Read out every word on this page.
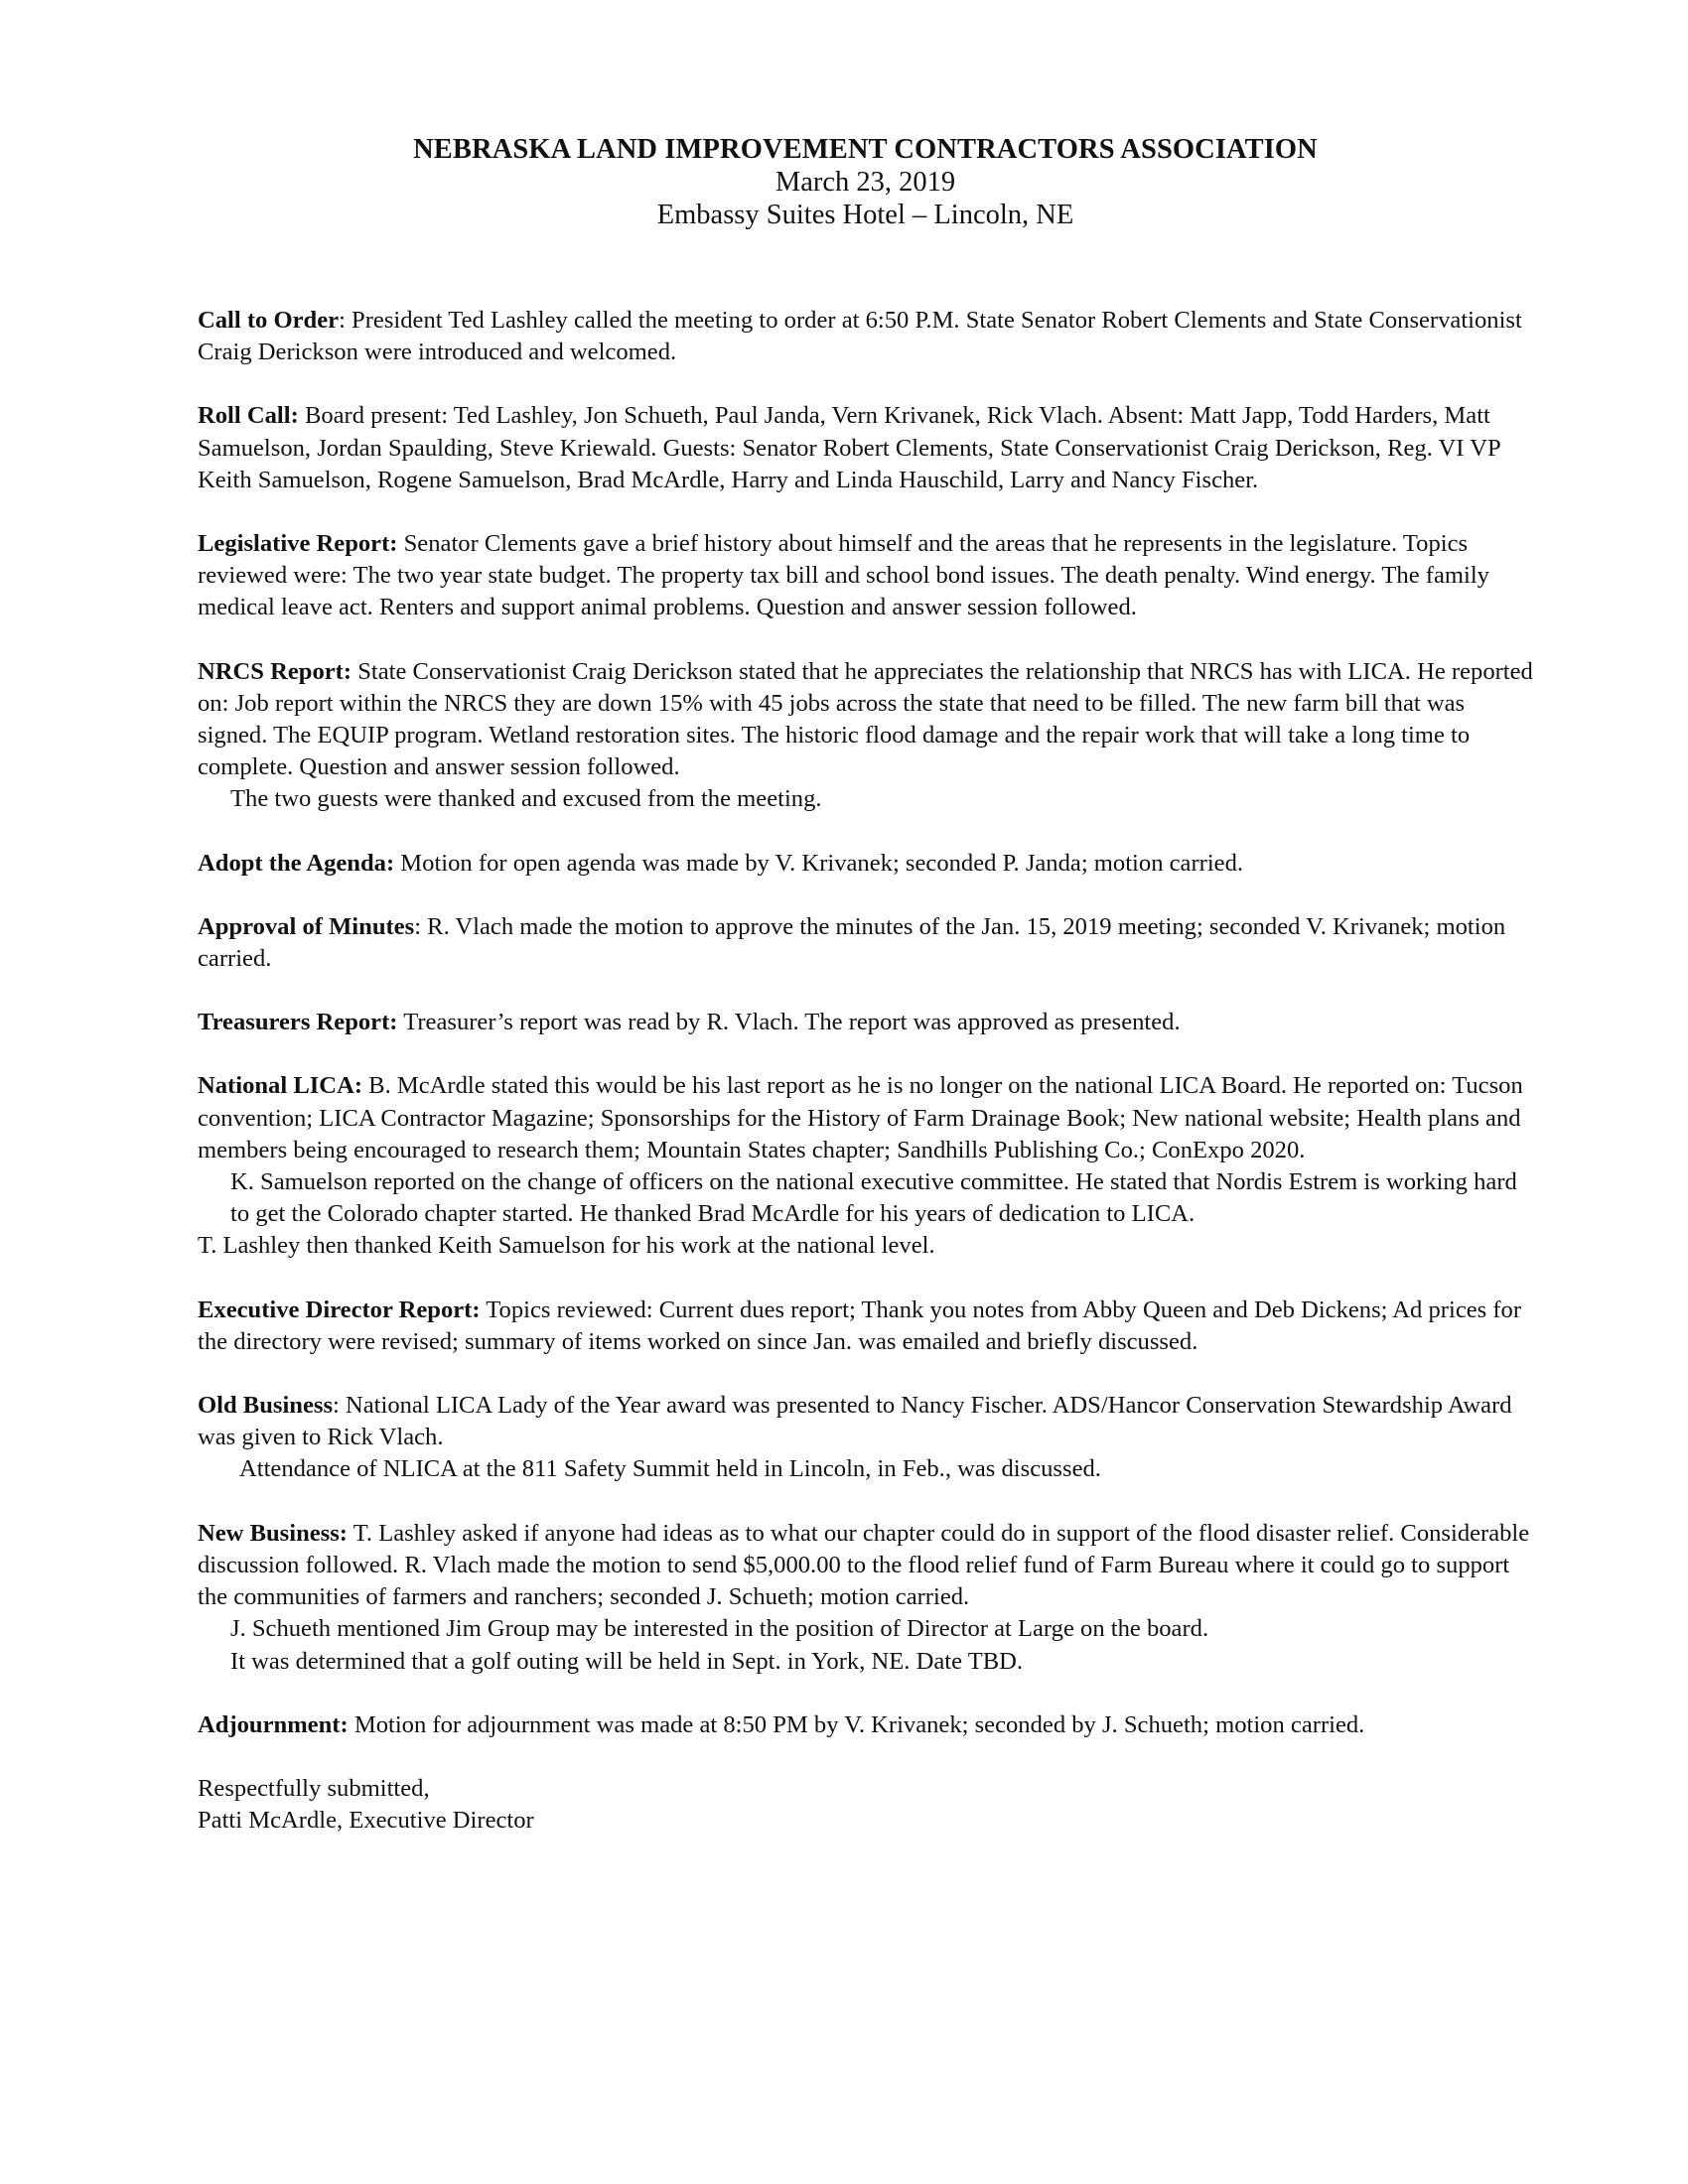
NEBRASKA LAND IMPROVEMENT CONTRACTORS ASSOCIATION
March 23, 2019
Embassy Suites Hotel – Lincoln, NE

Call to Order: President Ted Lashley called the meeting to order at 6:50 P.M. State Senator Robert Clements and State Conservationist Craig Derickson were introduced and welcomed.

Roll Call: Board present: Ted Lashley, Jon Schueth, Paul Janda, Vern Krivanek, Rick Vlach. Absent: Matt Japp, Todd Harders, Matt Samuelson, Jordan Spaulding, Steve Kriewald. Guests: Senator Robert Clements, State Conservationist Craig Derickson, Reg. VI VP Keith Samuelson, Rogene Samuelson, Brad McArdle, Harry and Linda Hauschild, Larry and Nancy Fischer.

Legislative Report: Senator Clements gave a brief history about himself and the areas that he represents in the legislature. Topics reviewed were: The two year state budget. The property tax bill and school bond issues. The death penalty. Wind energy. The family medical leave act. Renters and support animal problems. Question and answer session followed.

NRCS Report: State Conservationist Craig Derickson stated that he appreciates the relationship that NRCS has with LICA. He reported on: Job report within the NRCS they are down 15% with 45 jobs across the state that need to be filled. The new farm bill that was signed. The EQUIP program. Wetland restoration sites. The historic flood damage and the repair work that will take a long time to complete. Question and answer session followed.

The two guests were thanked and excused from the meeting.

Adopt the Agenda: Motion for open agenda was made by V. Krivanek; seconded P. Janda; motion carried.

Approval of Minutes: R. Vlach made the motion to approve the minutes of the Jan. 15, 2019 meeting; seconded V. Krivanek; motion carried.

Treasurers Report: Treasurer’s report was read by R. Vlach. The report was approved as presented.

National LICA: B. McArdle stated this would be his last report as he is no longer on the national LICA Board. He reported on: Tucson convention; LICA Contractor Magazine; Sponsorships for the History of Farm Drainage Book; New national website; Health plans and members being encouraged to research them; Mountain States chapter; Sandhills Publishing Co.; ConExpo 2020.

K. Samuelson reported on the change of officers on the national executive committee. He stated that Nordis Estrem is working hard to get the Colorado chapter started. He thanked Brad McArdle for his years of dedication to LICA.

T. Lashley then thanked Keith Samuelson for his work at the national level.

Executive Director Report: Topics reviewed: Current dues report; Thank you notes from Abby Queen and Deb Dickens; Ad prices for the directory were revised; summary of items worked on since Jan. was emailed and briefly discussed.

Old Business: National LICA Lady of the Year award was presented to Nancy Fischer. ADS/Hancor Conservation Stewardship Award was given to Rick Vlach.

Attendance of NLICA at the 811 Safety Summit held in Lincoln, in Feb., was discussed.

New Business: T. Lashley asked if anyone had ideas as to what our chapter could do in support of the flood disaster relief. Considerable discussion followed. R. Vlach made the motion to send $5,000.00 to the flood relief fund of Farm Bureau where it could go to support the communities of farmers and ranchers; seconded J. Schueth; motion carried.

J. Schueth mentioned Jim Group may be interested in the position of Director at Large on the board.

It was determined that a golf outing will be held in Sept. in York, NE. Date TBD.

Adjournment: Motion for adjournment was made at 8:50 PM by V. Krivanek; seconded by J. Schueth; motion carried.

Respectfully submitted,

Patti McArdle, Executive Director
